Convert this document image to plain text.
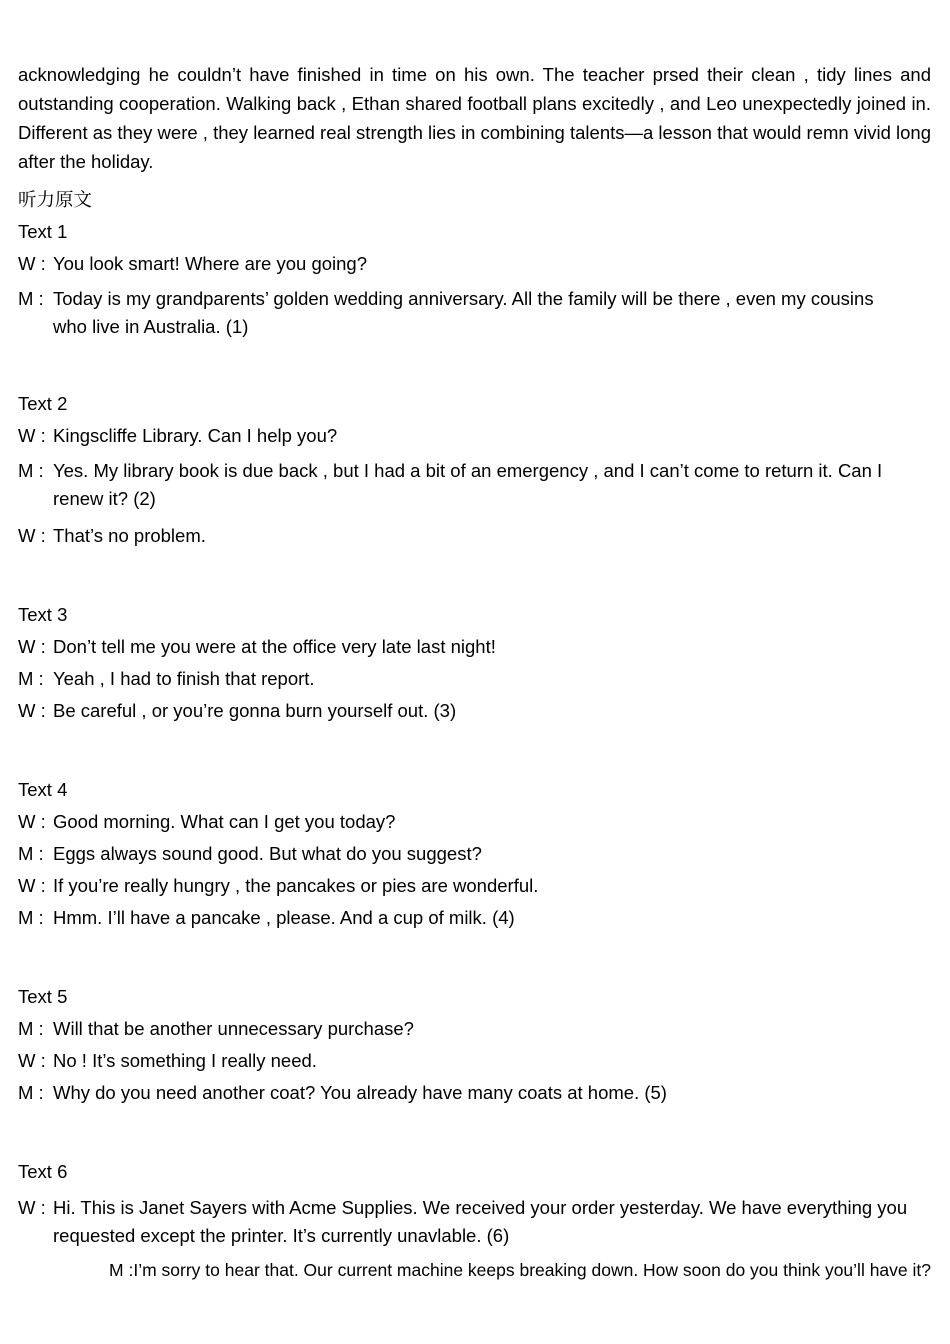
acknowledging he couldn’t have finished in time on his own. The teacher prsed their clean , tidy lines and outstanding cooperation. Walking back , Ethan shared football plans excitedly , and Leo unexpectedly joined in. Different as they were , they learned real strength lies in combining talents—a lesson that would remn vivid long after the holiday.

听力原文

Text 1

W : You look smart! Where are you going?

M : Today is my grandparents’ golden wedding anniversary. All the family will be there , even my cousins who live in Australia. (1)

Text 2

W : Kingscliffe Library. Can I help you?

M : Yes. My library book is due back , but I had a bit of an emergency , and I can’t come to return it. Can I renew it? (2)

W : That’s no problem.

Text 3

W : Don’t tell me you were at the office very late last night!

M : Yeah , I had to finish that report.

W : Be careful , or you’re gonna burn yourself out. (3)

Text 4

W : Good morning. What can I get you today?

M : Eggs always sound good. But what do you suggest?

W : If you’re really hungry , the pancakes or pies are wonderful.

M : Hmm. I’ll have a pancake , please. And a cup of milk. (4)

Text 5

M : Will that be another unnecessary purchase?

W : No ! It’s something I really need.

M : Why do you need another coat? You already have many coats at home. (5)

Text 6

W : Hi. This is Janet Sayers with Acme Supplies. We received your order yesterday. We have everything you requested except the printer. It’s currently unavlable. (6)

M :I’m sorry to hear that. Our current machine keeps breaking down. How soon do you think you’ll have it?
